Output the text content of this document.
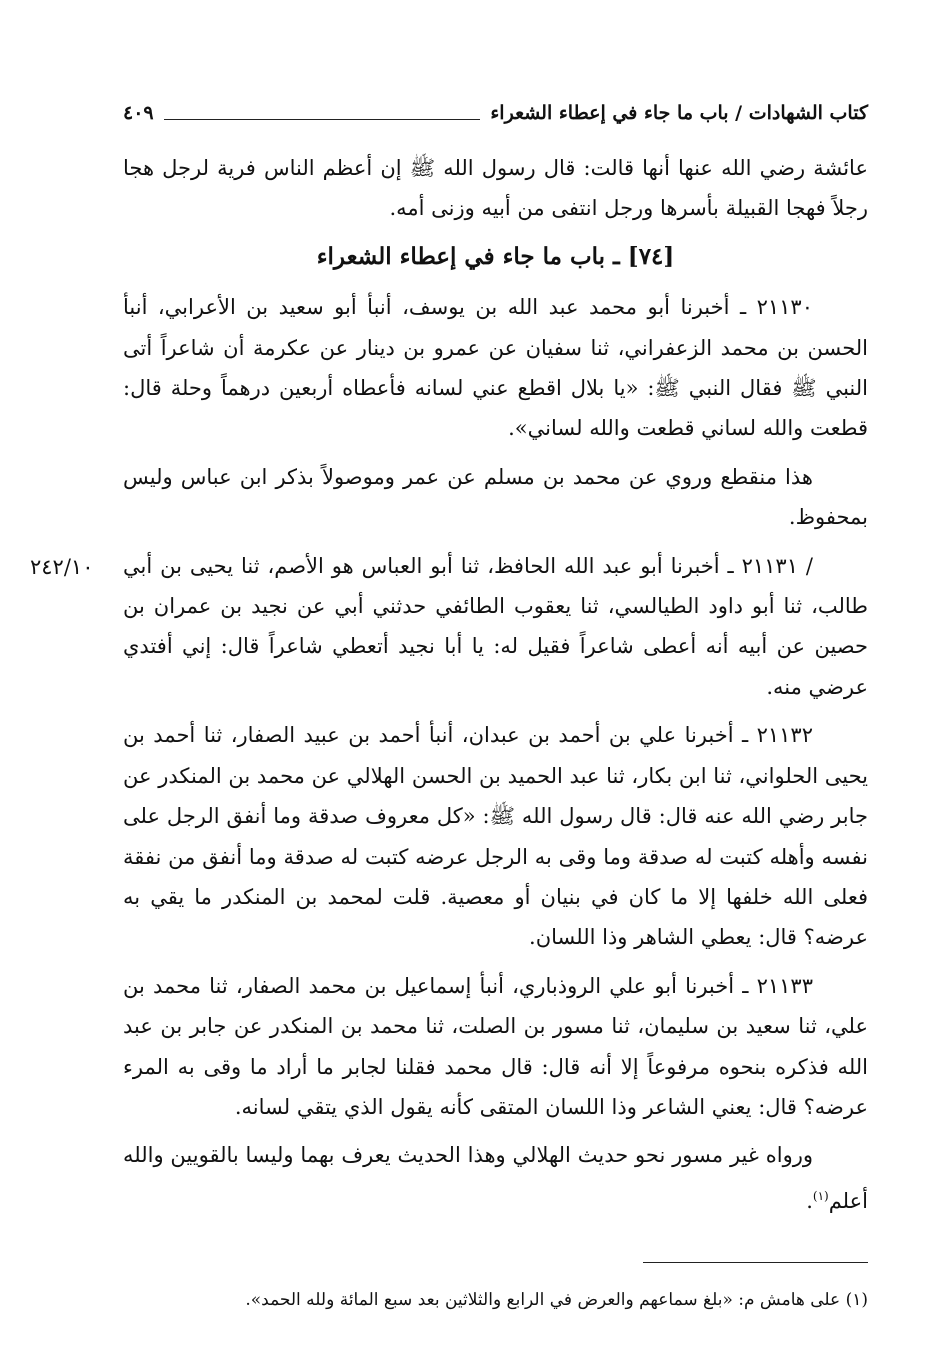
كتاب الشهادات / باب ما جاء في إعطاء الشعراء
٤٠٩

عائشة رضي الله عنها أنها قالت: قال رسول الله ﷺ إن أعظم الناس فرية لرجل هجا رجلاً فهجا القبيلة بأسرها ورجل انتفى من أبيه وزنى أمه.

[٧٤] ـ باب ما جاء في إعطاء الشعراء

٢١١٣٠ ـ أخبرنا أبو محمد عبد الله بن يوسف، أنبأ أبو سعيد بن الأعرابي، أنبأ الحسن بن محمد الزعفراني، ثنا سفيان عن عمرو بن دينار عن عكرمة أن شاعراً أتى النبي ﷺ فقال النبي ﷺ: «يا بلال اقطع عني لسانه فأعطاه أربعين درهماً وحلة قال: قطعت والله لساني قطعت والله لساني».

هذا منقطع وروي عن محمد بن مسلم عن عمر وموصولاً بذكر ابن عباس وليس بمحفوظ.

/ ٢١١٣١ ـ أخبرنا أبو عبد الله الحافظ، ثنا أبو العباس هو الأصم، ثنا يحيى بن أبي طالب، ثنا أبو داود الطيالسي، ثنا يعقوب الطائفي حدثني أبي عن نجيد بن عمران بن حصين عن أبيه أنه أعطى شاعراً فقيل له: يا أبا نجيد أتعطي شاعراً قال: إني أفتدي عرضي منه.

٢١١٣٢ ـ أخبرنا علي بن أحمد بن عبدان، أنبأ أحمد بن عبيد الصفار، ثنا أحمد بن يحيى الحلواني، ثنا ابن بكار، ثنا عبد الحميد بن الحسن الهلالي عن محمد بن المنكدر عن جابر رضي الله عنه قال: قال رسول الله ﷺ: «كل معروف صدقة وما أنفق الرجل على نفسه وأهله كتبت له صدقة وما وقى به الرجل عرضه كتبت له صدقة وما أنفق من نفقة فعلى الله خلفها إلا ما كان في بنيان أو معصية. قلت لمحمد بن المنكدر ما يقي به عرضه؟ قال: يعطي الشاهر وذا اللسان.

٢١١٣٣ ـ أخبرنا أبو علي الروذباري، أنبأ إسماعيل بن محمد الصفار، ثنا محمد بن علي، ثنا سعيد بن سليمان، ثنا مسور بن الصلت، ثنا محمد بن المنكدر عن جابر بن عبد الله فذكره بنحوه مرفوعاً إلا أنه قال: قال محمد فقلنا لجابر ما أراد ما وقى به المرء عرضه؟ قال: يعني الشاعر وذا اللسان المتقى كأنه يقول الذي يتقي لسانه.

ورواه غير مسور نحو حديث الهلالي وهذا الحديث يعرف بهما وليسا بالقويين والله أعلم$^{(١)}$.

٢٤٢/١٠
(١) على هامش م: «بلغ سماعهم والعرض في الرابع والثلاثين بعد سبع المائة ولله الحمد».
